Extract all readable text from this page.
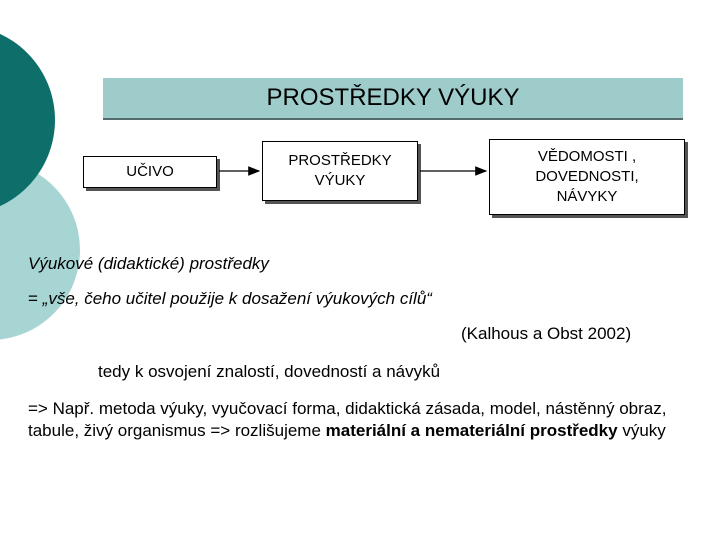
PROSTŘEDKY VÝUKY
UČIVO
PROSTŘEDKY
VÝUKY
VĚDOMOSTI ,
DOVEDNOSTI,
NÁVYKY
Výukové (didaktické) prostředky
= „vše, čeho učitel použije k dosažení výukových cílů“
(Kalhous a Obst 2002)
tedy k osvojení znalostí, dovedností a návyků
=> Např. metoda výuky, vyučovací forma, didaktická zásada, model, nástěnný obraz, tabule, živý organismus => rozlišujeme materiální a nemateriální prostředky výuky
